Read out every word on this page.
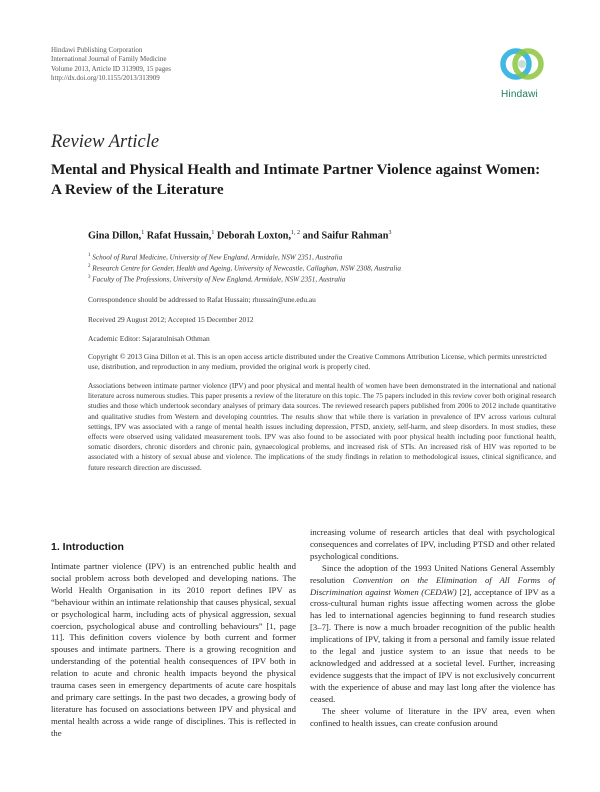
Hindawi Publishing Corporation
International Journal of Family Medicine
Volume 2013, Article ID 313909, 15 pages
http://dx.doi.org/10.1155/2013/313909
Hindawi
Review Article
Mental and Physical Health and Intimate Partner Violence against Women: A Review of the Literature
Gina Dillon,$^1$ Rafat Hussain,$^1$ Deborah Loxton,$^{1, 2}$ and Saifur Rahman$^3$
$^1$ School of Rural Medicine, University of New England, Armidale, NSW 2351, Australia
$^2$ Research Centre for Gender, Health and Ageing, University of Newcastle, Callaghan, NSW 2308, Australia
$^3$ Faculty of The Professions, University of New England, Armidale, NSW 2351, Australia
Correspondence should be addressed to Rafat Hussain; rhussain@une.edu.au
Received 29 August 2012; Accepted 15 December 2012
Academic Editor: Sajaratulnisah Othman
Copyright © 2013 Gina Dillon et al. This is an open access article distributed under the Creative Commons Attribution License, which permits unrestricted use, distribution, and reproduction in any medium, provided the original work is properly cited.
Associations between intimate partner violence (IPV) and poor physical and mental health of women have been demonstrated in the international and national literature across numerous studies. This paper presents a review of the literature on this topic. The 75 papers included in this review cover both original research studies and those which undertook secondary analyses of primary data sources. The reviewed research papers published from 2006 to 2012 include quantitative and qualitative studies from Western and developing countries. The results show that while there is variation in prevalence of IPV across various cultural settings, IPV was associated with a range of mental health issues including depression, PTSD, anxiety, self-harm, and sleep disorders. In most studies, these effects were observed using validated measurement tools. IPV was also found to be associated with poor physical health including poor functional health, somatic disorders, chronic disorders and chronic pain, gynaecological problems, and increased risk of STIs. An increased risk of HIV was reported to be associated with a history of sexual abuse and violence. The implications of the study findings in relation to methodological issues, clinical significance, and future research direction are discussed.
1. Introduction

Intimate partner violence (IPV) is an entrenched public health and social problem across both developed and developing nations. The World Health Organisation in its 2010 report defines IPV as “behaviour within an intimate relationship that causes physical, sexual or psychological harm, including acts of physical aggression, sexual coercion, psychological abuse and controlling behaviours” [1, page 11]. This definition covers violence by both current and former spouses and intimate partners. There is a growing recognition and understanding of the potential health consequences of IPV both in relation to acute and chronic health impacts beyond the physical trauma cases seen in emergency departments of acute care hospitals and primary care settings. In the past two decades, a growing body of literature has focused on associations between IPV and physical and mental health across a wide range of disciplines. This is reflected in the

increasing volume of research articles that deal with psychological consequences and correlates of IPV, including PTSD and other related psychological conditions.

Since the adoption of the 1993 United Nations General Assembly resolution Convention on the Elimination of All Forms of Discrimination against Women (CEDAW) [2], acceptance of IPV as a cross-cultural human rights issue affecting women across the globe has led to international agencies beginning to fund research studies [3–7]. There is now a much broader recognition of the public health implications of IPV, taking it from a personal and family issue related to the legal and justice system to an issue that needs to be acknowledged and addressed at a societal level. Further, increasing evidence suggests that the impact of IPV is not exclusively concurrent with the experience of abuse and may last long after the violence has ceased.

The sheer volume of literature in the IPV area, even when confined to health issues, can create confusion around
